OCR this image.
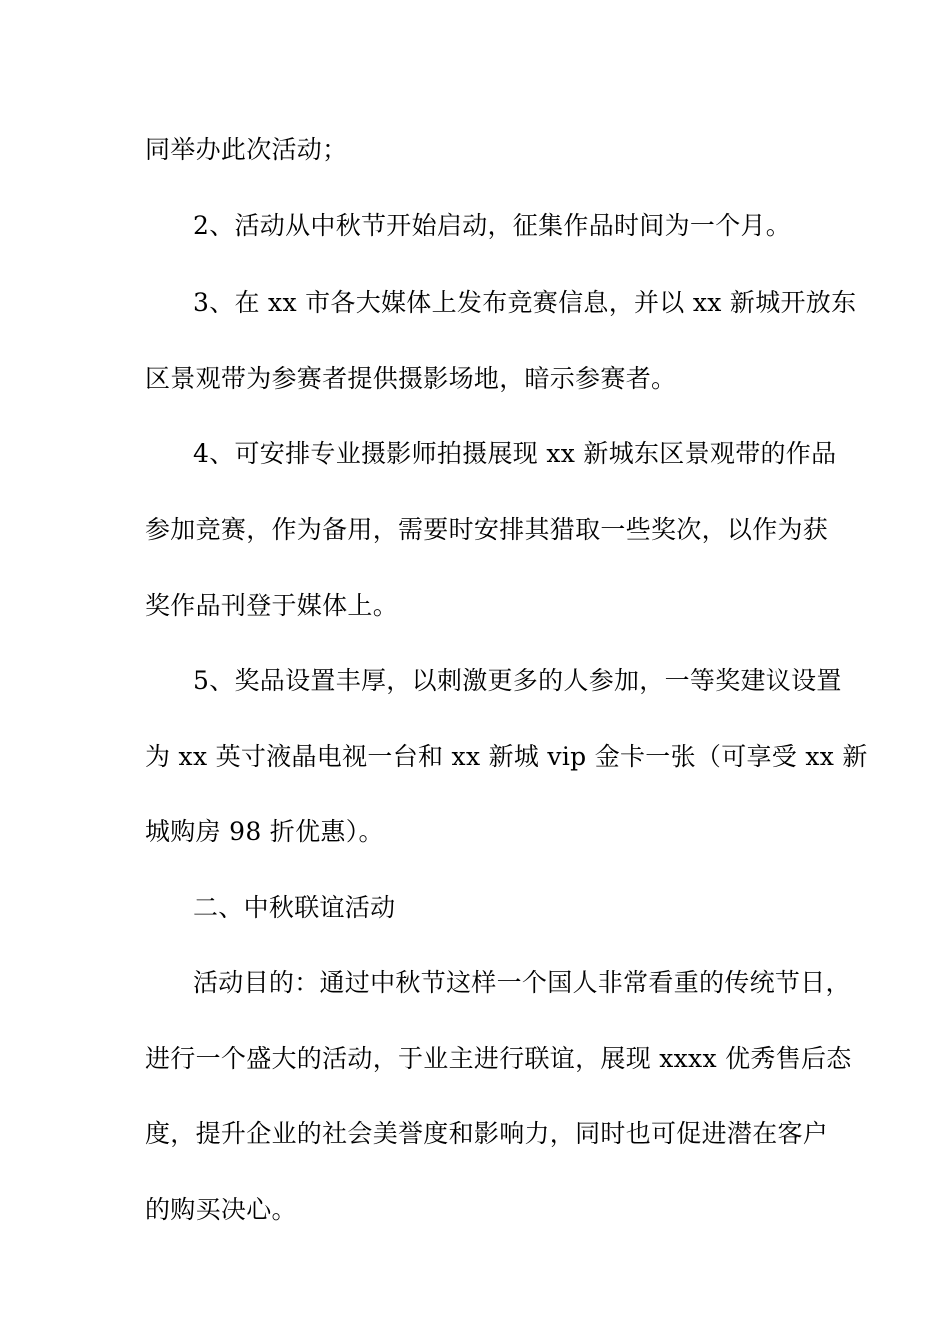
同举办此次活动；
2、活动从中秋节开始启动，征集作品时间为一个月。
3、在 xx 市各大媒体上发布竞赛信息，并以 xx 新城开放东
区景观带为参赛者提供摄影场地，暗示参赛者。
4、可安排专业摄影师拍摄展现 xx 新城东区景观带的作品
参加竞赛，作为备用，需要时安排其猎取一些奖次，以作为获
奖作品刊登于媒体上。
5、奖品设置丰厚，以刺激更多的人参加，一等奖建议设置
为 xx 英寸液晶电视一台和 xx 新城 vip 金卡一张（可享受 xx 新
城购房 98 折优惠）。
二、中秋联谊活动
活动目的：通过中秋节这样一个国人非常看重的传统节日，
进行一个盛大的活动，于业主进行联谊，展现 xxxx 优秀售后态
度，提升企业的社会美誉度和影响力，同时也可促进潜在客户
的购买决心。
